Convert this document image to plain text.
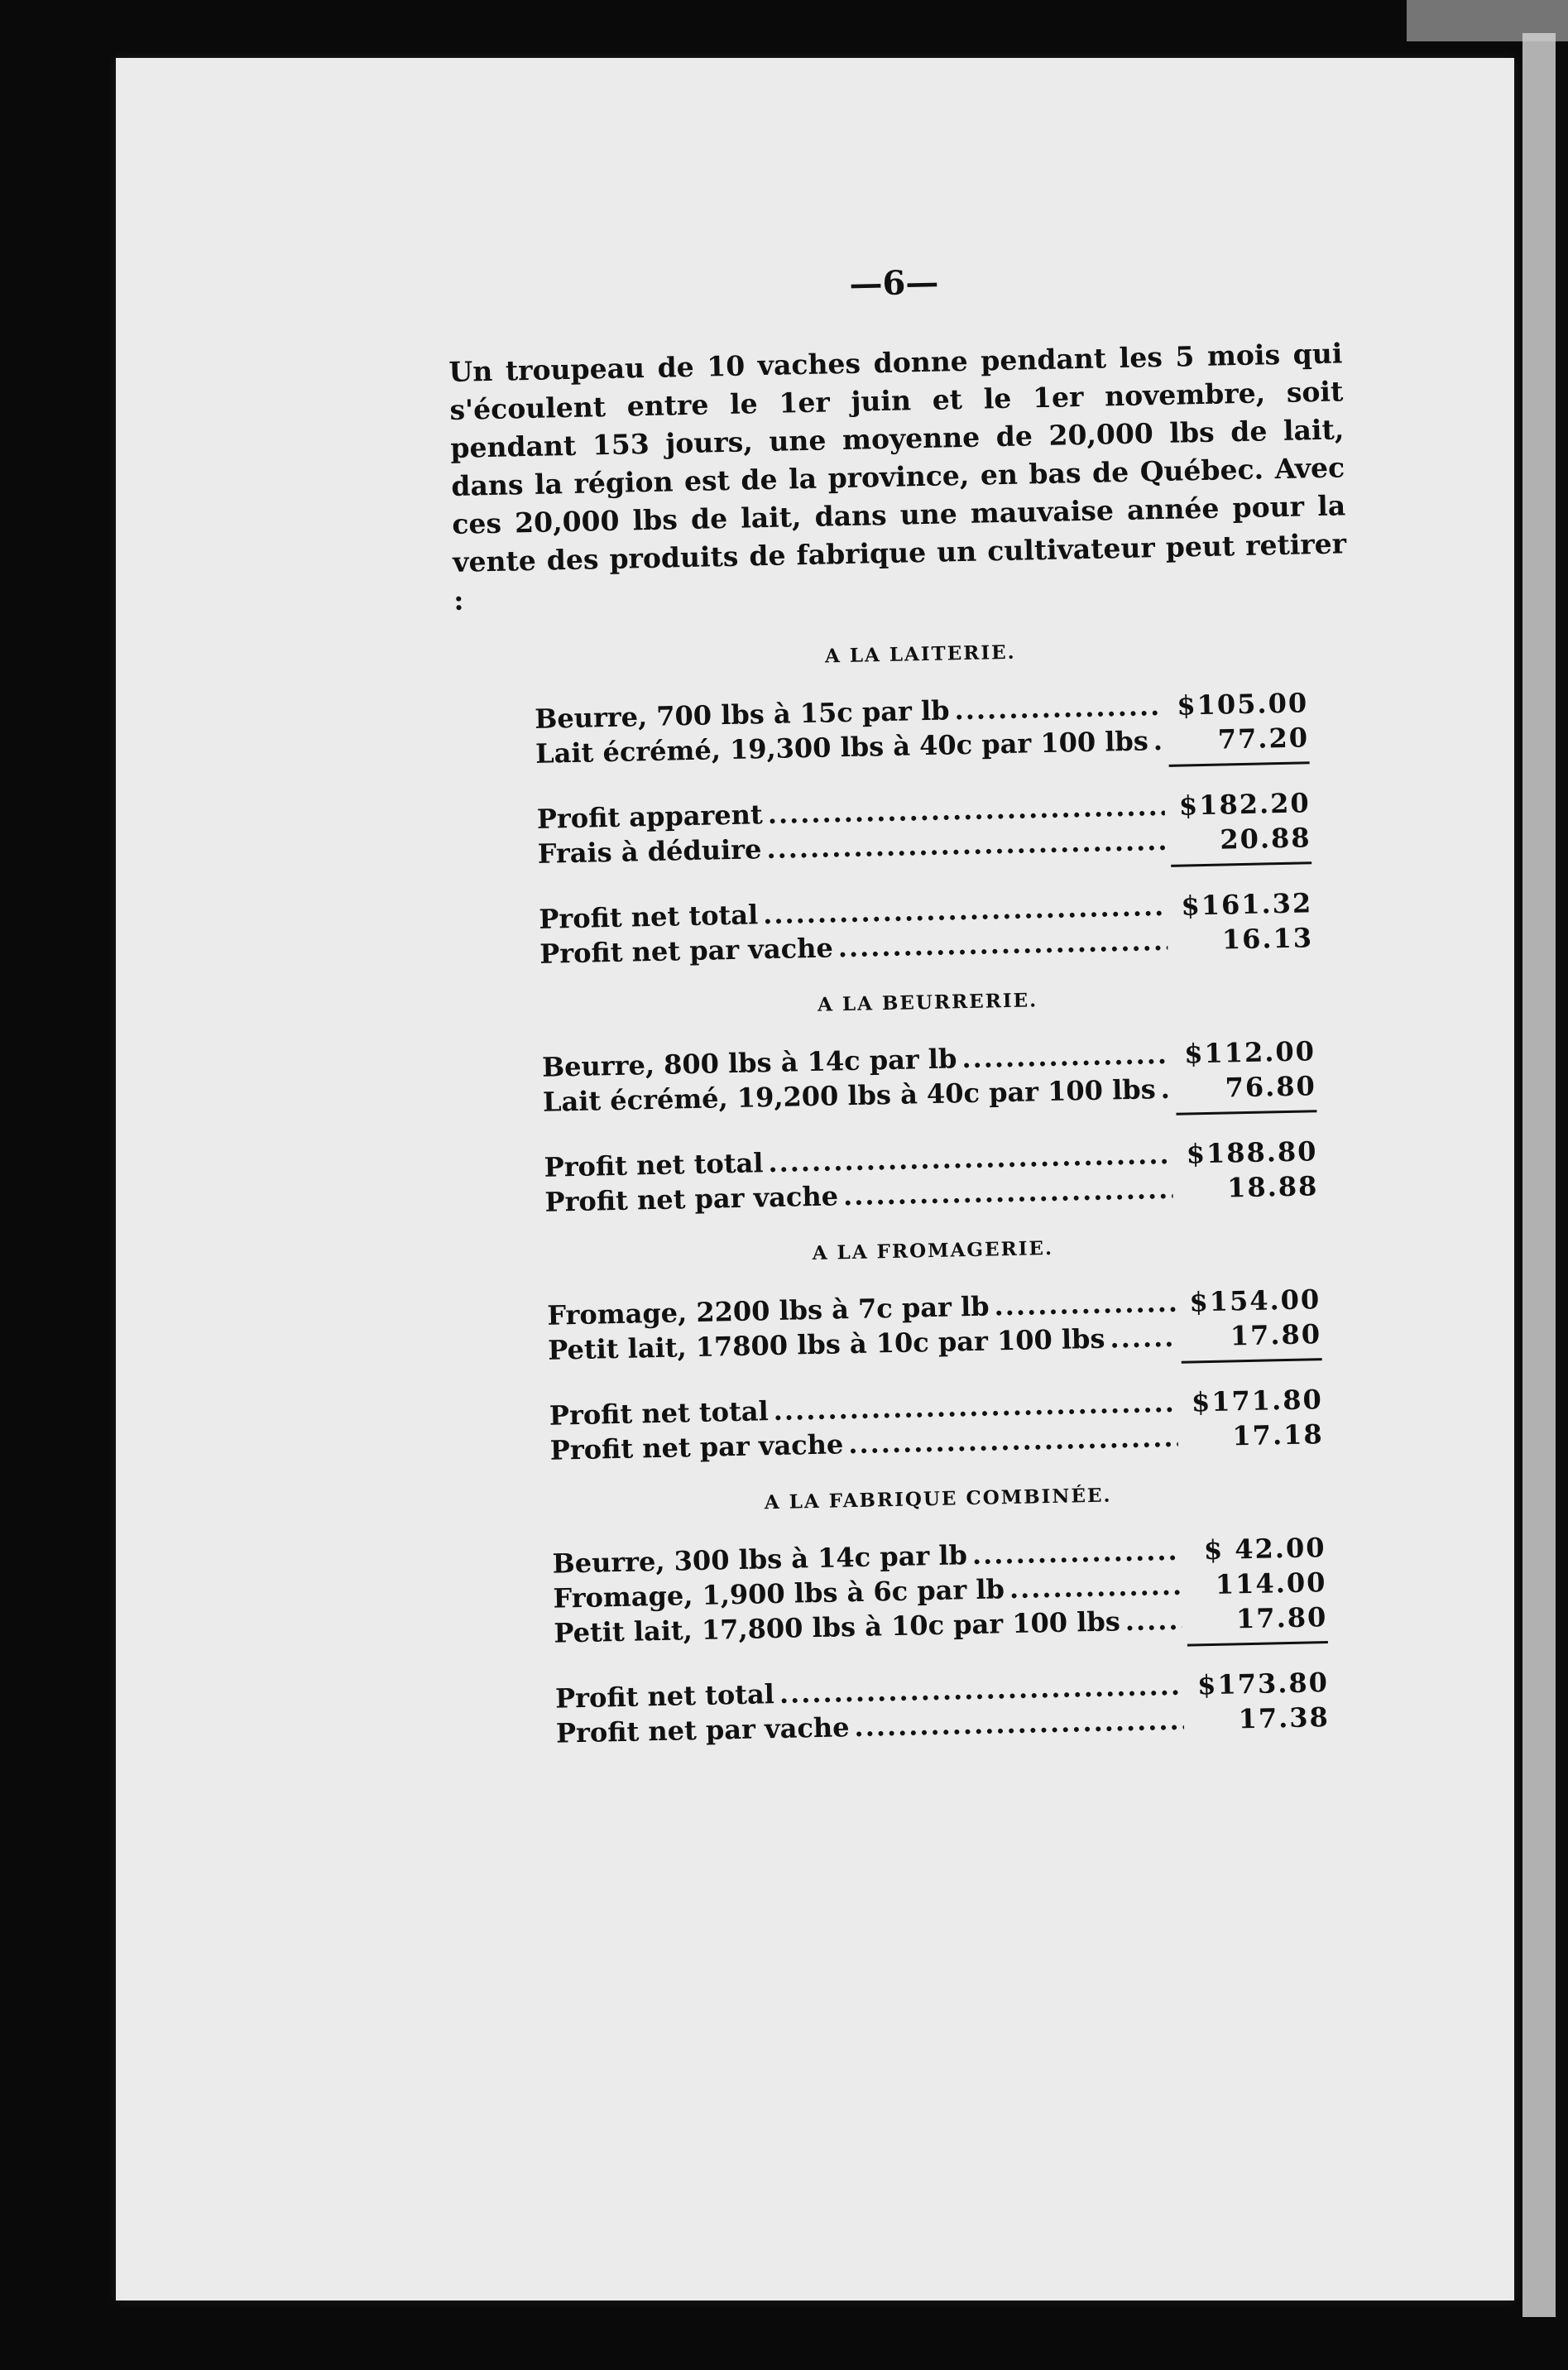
—6—

Un troupeau de 10 vaches donne pendant les 5 mois qui s'écoulent entre le 1er juin et le 1er novembre, soit pendant 153 jours, une moyenne de 20,000 lbs de lait, dans la région est de la province, en bas de Québec. Avec ces 20,000 lbs de lait, dans une mauvaise année pour la vente des produits de fabrique un cultivateur peut retirer :

A LA LAITERIE.
Beurre, 700 lbs à 15c par lb .....	$105.00
Lait écrémé, 19,300 lbs à 40c par 100 lbs .....	77.20
Profit apparent .....	$182.20
Frais à déduire .....	20.88
Profit net total .....	$161.32
Profit net par vache .....	16.13
A LA BEURRERIE.
Beurre, 800 lbs à 14c par lb .....	$112.00
Lait écrémé, 19,200 lbs à 40c par 100 lbs .....	76.80
Profit net total .....	$188.80
Profit net par vache .....	18.88
A LA FROMAGERIE.
Fromage, 2200 lbs à 7c par lb .....	$154.00
Petit lait, 17800 lbs à 10c par 100 lbs .....	17.80
Profit net total .....	$171.80
Profit net par vache .....	17.18
A LA FABRIQUE COMBINÉE.
Beurre, 300 lbs à 14c par lb .....	$ 42.00
Fromage, 1,900 lbs à 6c par lb .....	114.00
Petit lait, 17,800 lbs à 10c par 100 lbs .....	17.80
Profit net total .....	$173.80
Profit net par vache .....	17.38
